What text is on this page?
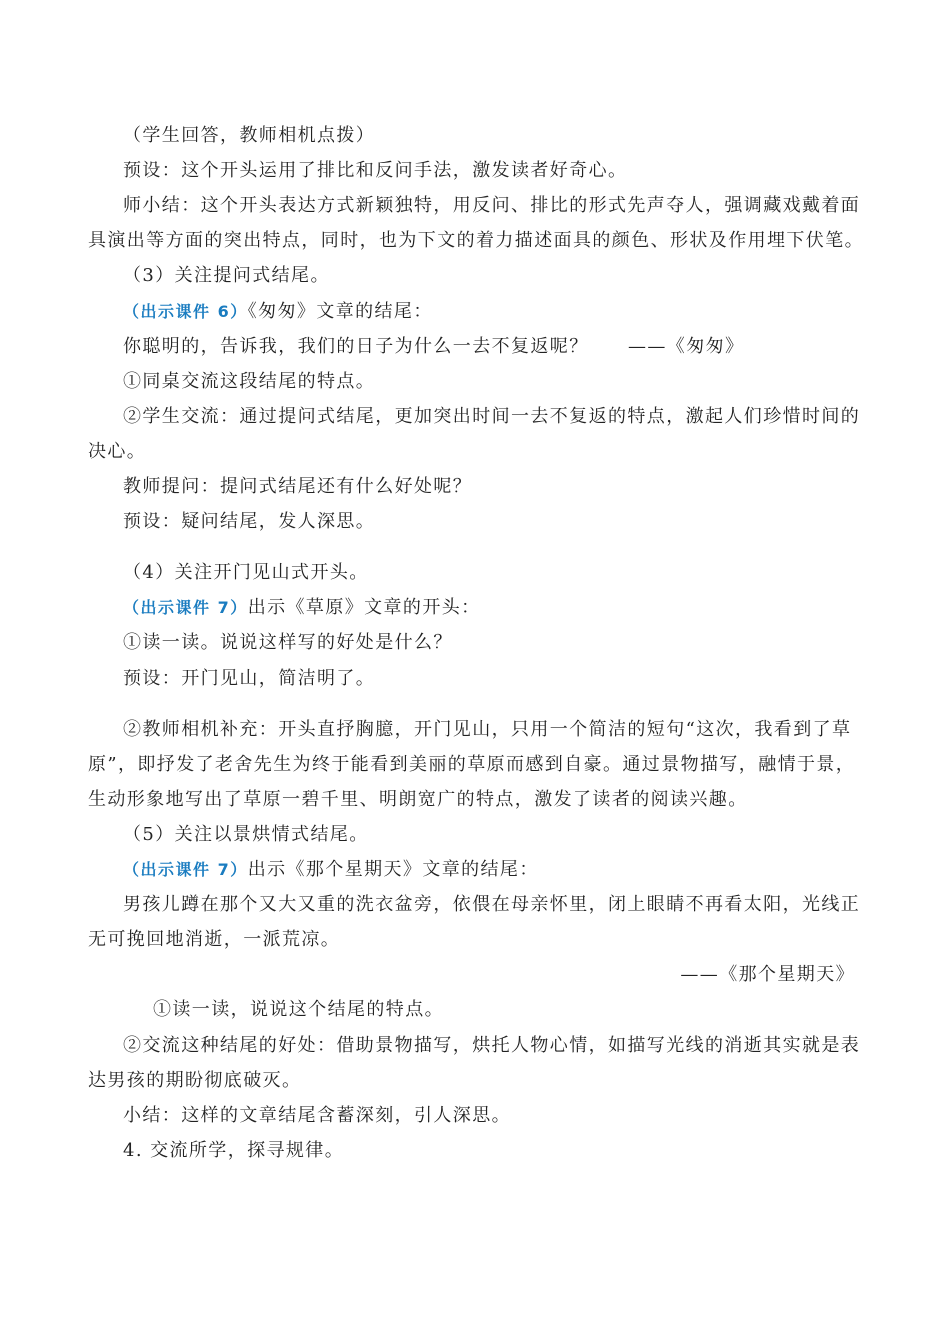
（学生回答，教师相机点拨）
预设：这个开头运用了排比和反问手法，激发读者好奇心。
师小结：这个开头表达方式新颖独特，用反问、排比的形式先声夺人，强调藏戏戴着面
具演出等方面的突出特点，同时，也为下文的着力描述面具的颜色、形状及作用埋下伏笔。
（3）关注提问式结尾。
（出示课件 6）《匆匆》文章的结尾：
你聪明的，告诉我，我们的日子为什么一去不复返呢？ ——《匆匆》
①同桌交流这段结尾的特点。
②学生交流：通过提问式结尾，更加突出时间一去不复返的特点，激起人们珍惜时间的
决心。
教师提问：提问式结尾还有什么好处呢？
预设：疑问结尾，发人深思。
（4）关注开门见山式开头。
（出示课件 7）出示《草原》文章的开头：
①读一读。说说这样写的好处是什么？
预设：开门见山，简洁明了。
②教师相机补充：开头直抒胸臆，开门见山，只用一个简洁的短句“这次，我看到了草
原”，即抒发了老舍先生为终于能看到美丽的草原而感到自豪。通过景物描写，融情于景，
生动形象地写出了草原一碧千里、明朗宽广的特点，激发了读者的阅读兴趣。
（5）关注以景烘情式结尾。
（出示课件 7）出示《那个星期天》文章的结尾：
男孩儿蹲在那个又大又重的洗衣盆旁，依偎在母亲怀里，闭上眼睛不再看太阳，光线正
无可挽回地消逝，一派荒凉。
——《那个星期天》
①读一读，说说这个结尾的特点。
②交流这种结尾的好处：借助景物描写，烘托人物心情，如描写光线的消逝其实就是表
达男孩的期盼彻底破灭。
小结：这样的文章结尾含蓄深刻，引人深思。
4. 交流所学，探寻规律。
